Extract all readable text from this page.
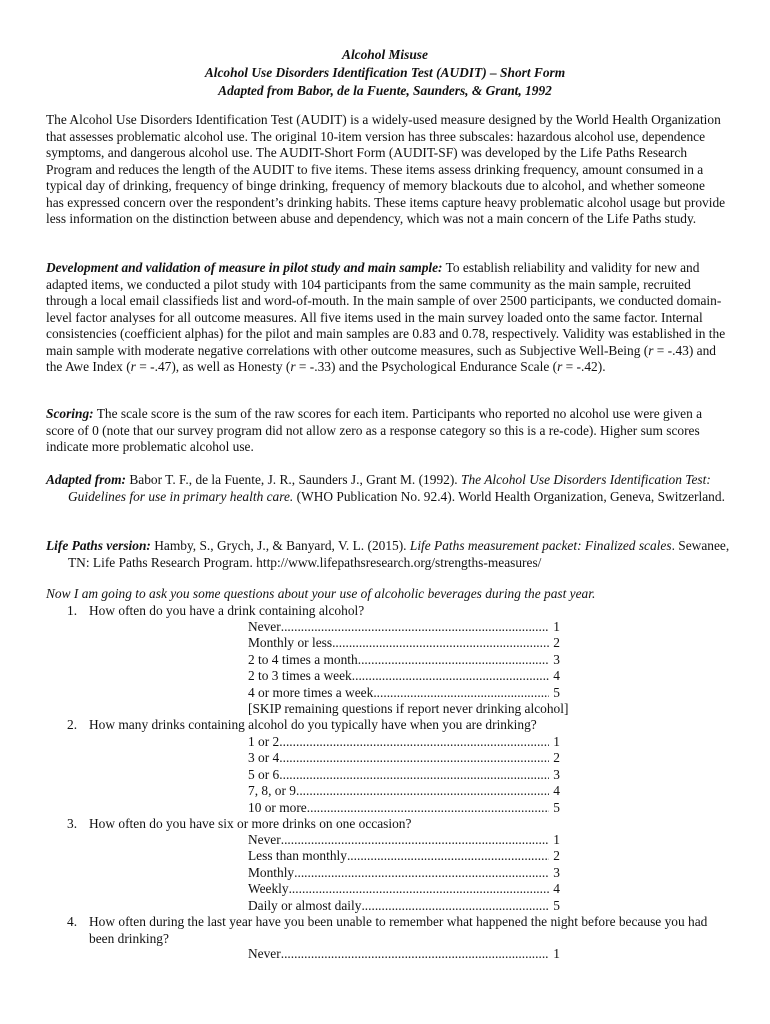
Alcohol Misuse
Alcohol Use Disorders Identification Test (AUDIT) – Short Form
Adapted from Babor, de la Fuente, Saunders, & Grant, 1992
The Alcohol Use Disorders Identification Test (AUDIT) is a widely-used measure designed by the World Health Organization that assesses problematic alcohol use. The original 10-item version has three subscales: hazardous alcohol use, dependence symptoms, and dangerous alcohol use. The AUDIT-Short Form (AUDIT-SF) was developed by the Life Paths Research Program and reduces the length of the AUDIT to five items. These items assess drinking frequency, amount consumed in a typical day of drinking, frequency of binge drinking, frequency of memory blackouts due to alcohol, and whether someone has expressed concern over the respondent’s drinking habits. These items capture heavy problematic alcohol usage but provide less information on the distinction between abuse and dependency, which was not a main concern of the Life Paths study.
Development and validation of measure in pilot study and main sample: To establish reliability and validity for new and adapted items, we conducted a pilot study with 104 participants from the same community as the main sample, recruited through a local email classifieds list and word-of-mouth. In the main sample of over 2500 participants, we conducted domain-level factor analyses for all outcome measures. All five items used in the main survey loaded onto the same factor. Internal consistencies (coefficient alphas) for the pilot and main samples are 0.83 and 0.78, respectively. Validity was established in the main sample with moderate negative correlations with other outcome measures, such as Subjective Well-Being (r = -.43) and the Awe Index (r = -.47), as well as Honesty (r = -.33) and the Psychological Endurance Scale (r = -.42).
Scoring: The scale score is the sum of the raw scores for each item. Participants who reported no alcohol use were given a score of 0 (note that our survey program did not allow zero as a response category so this is a re-code). Higher sum scores indicate more problematic alcohol use.
Adapted from: Babor T. F., de la Fuente, J. R., Saunders J., Grant M. (1992). The Alcohol Use Disorders Identification Test: Guidelines for use in primary health care. (WHO Publication No. 92.4). World Health Organization, Geneva, Switzerland.
Life Paths version: Hamby, S., Grych, J., & Banyard, V. L. (2015). Life Paths measurement packet: Finalized scales. Sewanee, TN: Life Paths Research Program. http://www.lifepathsresearch.org/strengths-measures/
Now I am going to ask you some questions about your use of alcoholic beverages during the past year.
1. How often do you have a drink containing alcohol?
Never .....	1
Monthly or less .....	2
2 to 4 times a month .....	3
2 to 3 times a week .....	4
4 or more times a week .....	5
[SKIP remaining questions if report never drinking alcohol]
2. How many drinks containing alcohol do you typically have when you are drinking?
1 or 2 .....	1
3 or 4 .....	2
5 or 6 .....	3
7, 8, or 9 .....	4
10 or more .....	5
3. How often do you have six or more drinks on one occasion?
Never .....	1
Less than monthly .....	2
Monthly .....	3
Weekly .....	4
Daily or almost daily .....	5
4. How often during the last year have you been unable to remember what happened the night before because you had been drinking?
Never .....	1
